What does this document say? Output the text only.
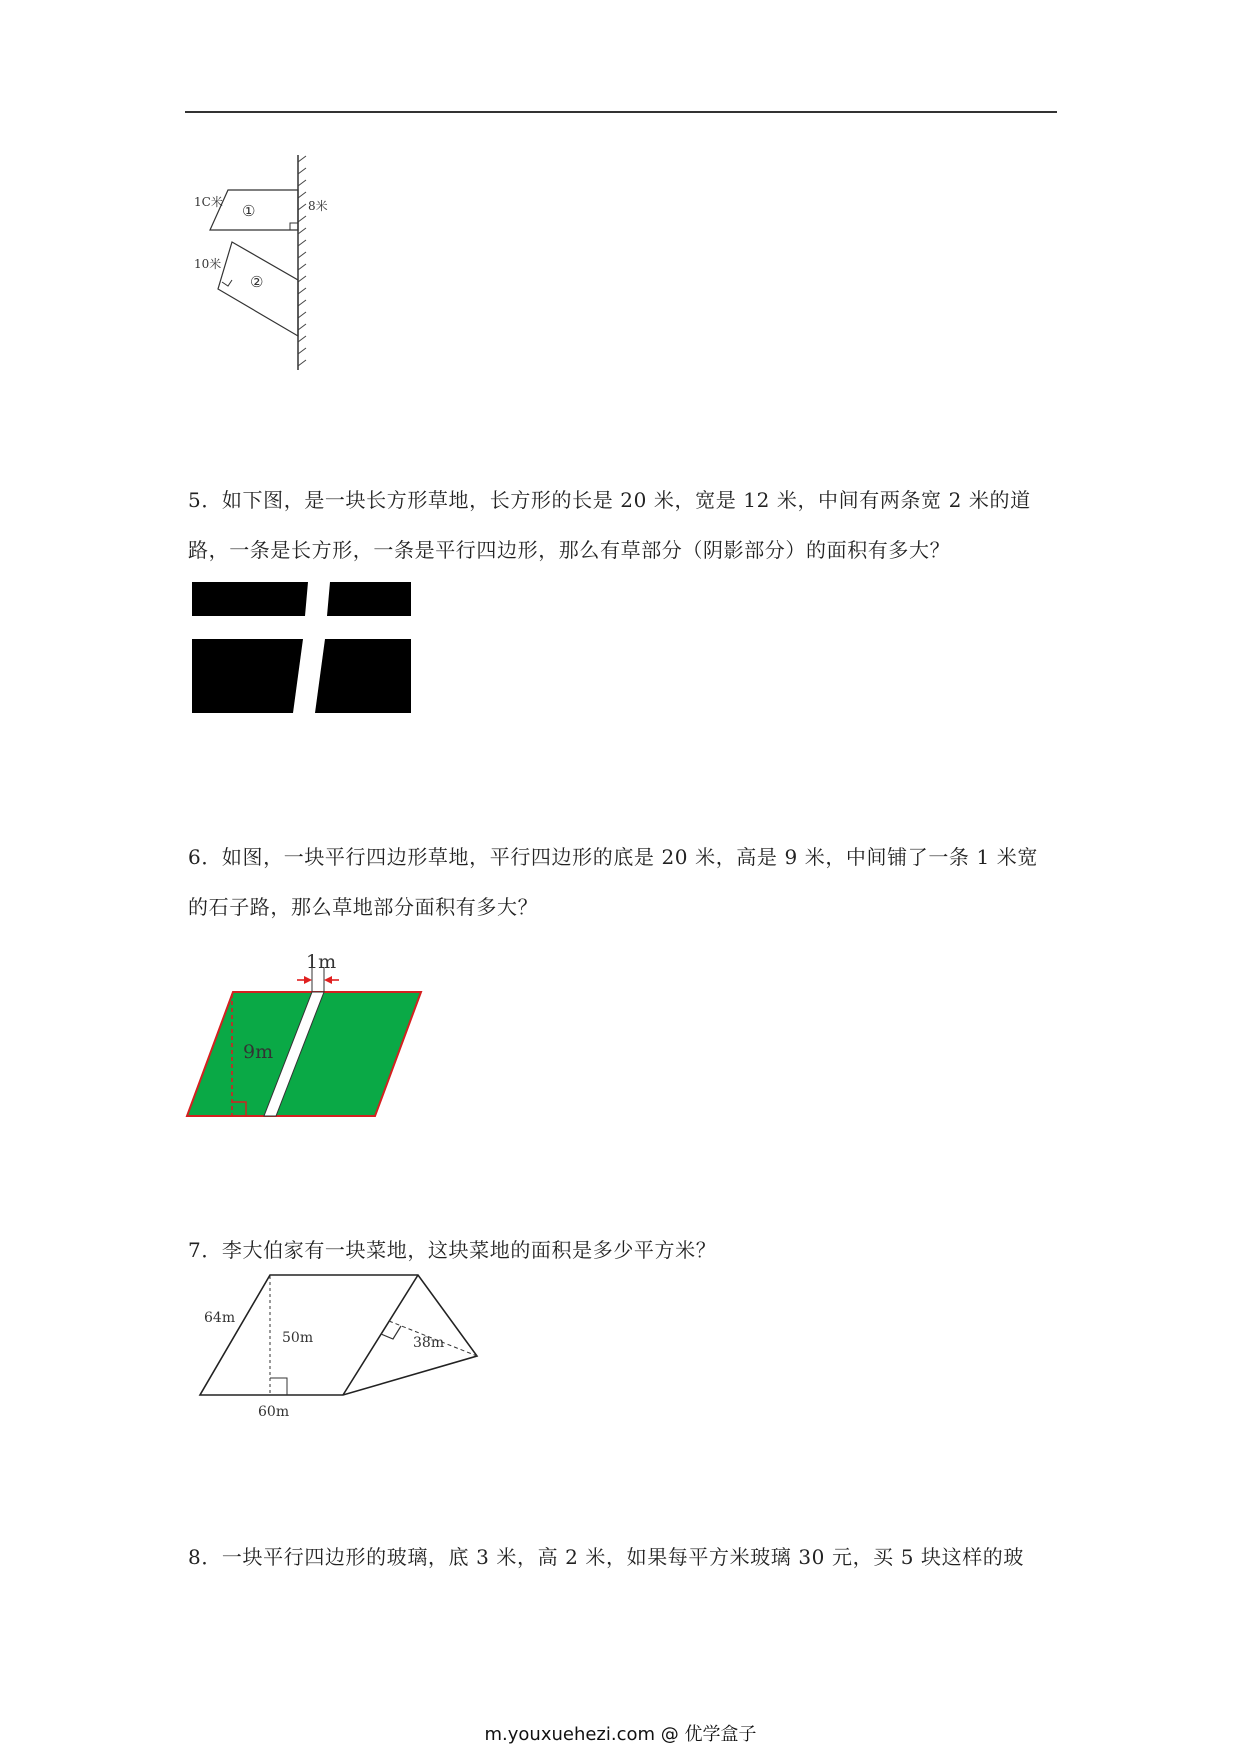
1C米
10米
8米
①
②

5．如下图，是一块长方形草地，长方形的长是 20 米，宽是 12 米，中间有两条宽 2 米的道路，一条是长方形，一条是平行四边形，那么有草部分（阴影部分）的面积有多大？

6．如图，一块平行四边形草地，平行四边形的底是 20 米，高是 9 米，中间铺了一条 1 米宽的石子路，那么草地部分面积有多大？

1m
9m

7．李大伯家有一块菜地，这块菜地的面积是多少平方米？

64m
50m	38m
60m

8．一块平行四边形的玻璃，底 3 米，高 2 米，如果每平方米玻璃 30 元，买 5 块这样的玻

m.youxuehezi.com @ 优学盒子
